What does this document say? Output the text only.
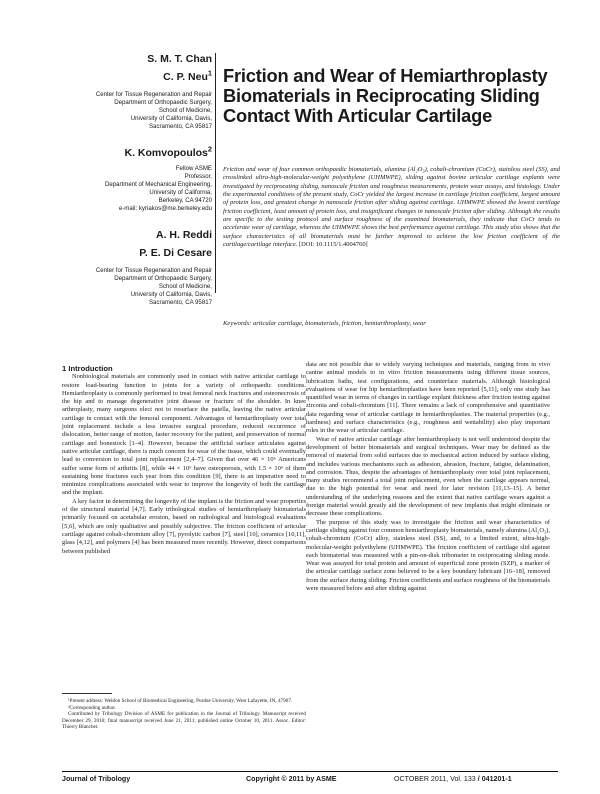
S. M. T. Chan

C. P. Neu$^1$

Center for Tissue Regeneration and Repair
Department of Orthopaedic Surgery,
School of Medicine,
University of California, Davis,
Sacramento, CA 95817

K. Komvopoulos$^2$

Fellow ASME
Professor,
Department of Mechanical Engineering,
University of California,
Berkeley, CA 94720
e-mail: kyriakos@me.berkeley.edu

A. H. Reddi

P. E. Di Cesare

Center for Tissue Regeneration and Repair
Department of Orthopaedic Surgery,
School of Medicine,
University of California, Davis,
Sacramento, CA 95817
Friction and Wear of Hemiarthroplasty Biomaterials in Reciprocating Sliding Contact With Articular Cartilage

Friction and wear of four common orthopaedic biomaterials, alumina (Al₂O₃), cobalt-chromium (CoCr), stainless steel (SS), and crosslinked ultra-high-molecular-weight polyethylene (UHMWPE), sliding against bovine articular cartilage explants were investigated by reciprocating sliding, nanoscale friction and roughness measurements, protein wear assays, and histology. Under the experimental conditions of the present study, CoCr yielded the largest increase in cartilage friction coefficient, largest amount of protein loss, and greatest change in nanoscale friction after sliding against cartilage. UHMWPE showed the lowest cartilage friction coefficient, least amount of protein loss, and insignificant changes in nanoscale friction after sliding. Although the results are specific to the testing protocol and surface roughness of the examined biomaterials, they indicate that CoCr tends to accelerate wear of cartilage, whereas the UHMWPE shows the best performance against cartilage. This study also shows that the surface characteristics of all biomaterials must be further improved to achieve the low friction coefficient of the cartilage/cartilage interface. [DOI: 10.1115/1.4004760]

Keywords: articular cartilage, biomaterials, friction, hemiarthroplasty, wear

1 Introduction

Nonbiological materials are commonly used in contact with native articular cartilage to restore load-bearing function to joints for a variety of orthopaedic conditions. Hemiarthroplasty is commonly performed to treat femoral neck fractures and osteonecrosis of the hip and to manage degenerative joint disease or fracture of the shoulder. In knee arthroplasty, many surgeons elect not to resurface the patella, leaving the native articular cartilage in contact with the femoral component. Advantages of hemiarthroplasty over total joint replacement include a less invasive surgical procedure, reduced occurrence of dislocation, better range of motion, faster recovery for the patient, and preservation of normal cartilage and bonestock [1–4]. However, because the artificial surface articulates against native articular cartilage, there is much concern for wear of the tissue, which could eventually lead to conversion to total joint replacement [2,4–7]. Given that over 46 × 10⁶ Americans suffer some form of arthritis [8], while 44 × 10⁶ have osteoporosis, with 1.5 × 10⁶ of them sustaining bone fractures each year from this condition [9], there is an imperative need to minimize complications associated with wear to improve the longevity of both the cartilage and the implant.

A key factor in determining the longevity of the implant is the friction and wear properties of the structural material [4,7]. Early tribological studies of hemiarthroplasty biomaterials primarily focused on acetabular erosion, based on radiological and histological evaluations [5,6], which are only qualitative and possibly subjective. The friction coefficient of articular cartilage against cobalt-chromium alloy [7], pyrolytic carbon [7], steel [10], ceramics [10,11], glass [4,12], and polymers [4] has been measured more recently. However, direct comparisons between published

¹Present address: Weldon School of Biomedical Engineering, Purdue University, West Lafayette, IN, 47907.

²Corresponding author.

Contributed by Tribology Division of ASME for publication in the Journal of Tribology. Manuscript received December 29, 2010; final manuscript received June 21, 2011; published online October 10, 2011. Assoc. Editor: Thierry Blanchet.

data are not possible due to widely varying techniques and materials, ranging from in vivo canine animal models to in vitro friction measurements using different tissue sources, lubrication baths, test configurations, and counterface materials. Although histological evaluations of wear for hip hemiarthroplasties have been reported [5,11], only one study has quantified wear in terms of changes in cartilage explant thickness after friction testing against zirconia and cobalt-chromium [11]. There remains a lack of comprehensive and quantitative data regarding wear of articular cartilage in hemiarthroplasties. The material properties (e.g., hardness) and surface characteristics (e.g., roughness and wettability) also play important roles in the wear of articular cartilage.

Wear of native articular cartilage after hemiarthroplasty is not well understood despite the development of better biomaterials and surgical techniques. Wear may be defined as the removal of material from solid surfaces due to mechanical action induced by surface sliding, and includes various mechanisms such as adhesion, abrasion, fracture, fatigue, delamination, and corrosion. Thus, despite the advantages of hemiarthroplasty over total joint replacement, many studies recommend a total joint replacement, even when the cartilage appears normal, due to the high potential for wear and need for later revision [11,13–15]. A better understanding of the underlying reasons and the extent that native cartilage wears against a foreign material would greatly aid the development of new implants that might eliminate or decrease these complications.

The purpose of this study was to investigate the friction and wear characteristics of cartilage sliding against four common hemiarthroplasty biomaterials, namely alumina (Al₂O₃), cobalt-chromium (CoCr) alloy, stainless steel (SS), and, to a limited extent, ultra-high-molecular-weight polyethylene (UHMWPE). The friction coefficient of cartilage slid against each biomaterial was measured with a pin-on-disk tribometer in reciprocating sliding mode. Wear was assayed for total protein and amount of superficial zone protein (SZP), a marker of the articular cartilage surface zone believed to be a key boundary lubricant [16–18], removed from the surface during sliding. Friction coefficients and surface roughness of the biomaterials were measured before and after sliding against

Journal of Tribology	Copyright © 2011 by ASME	OCTOBER 2011, Vol. 133 / 041201-1
